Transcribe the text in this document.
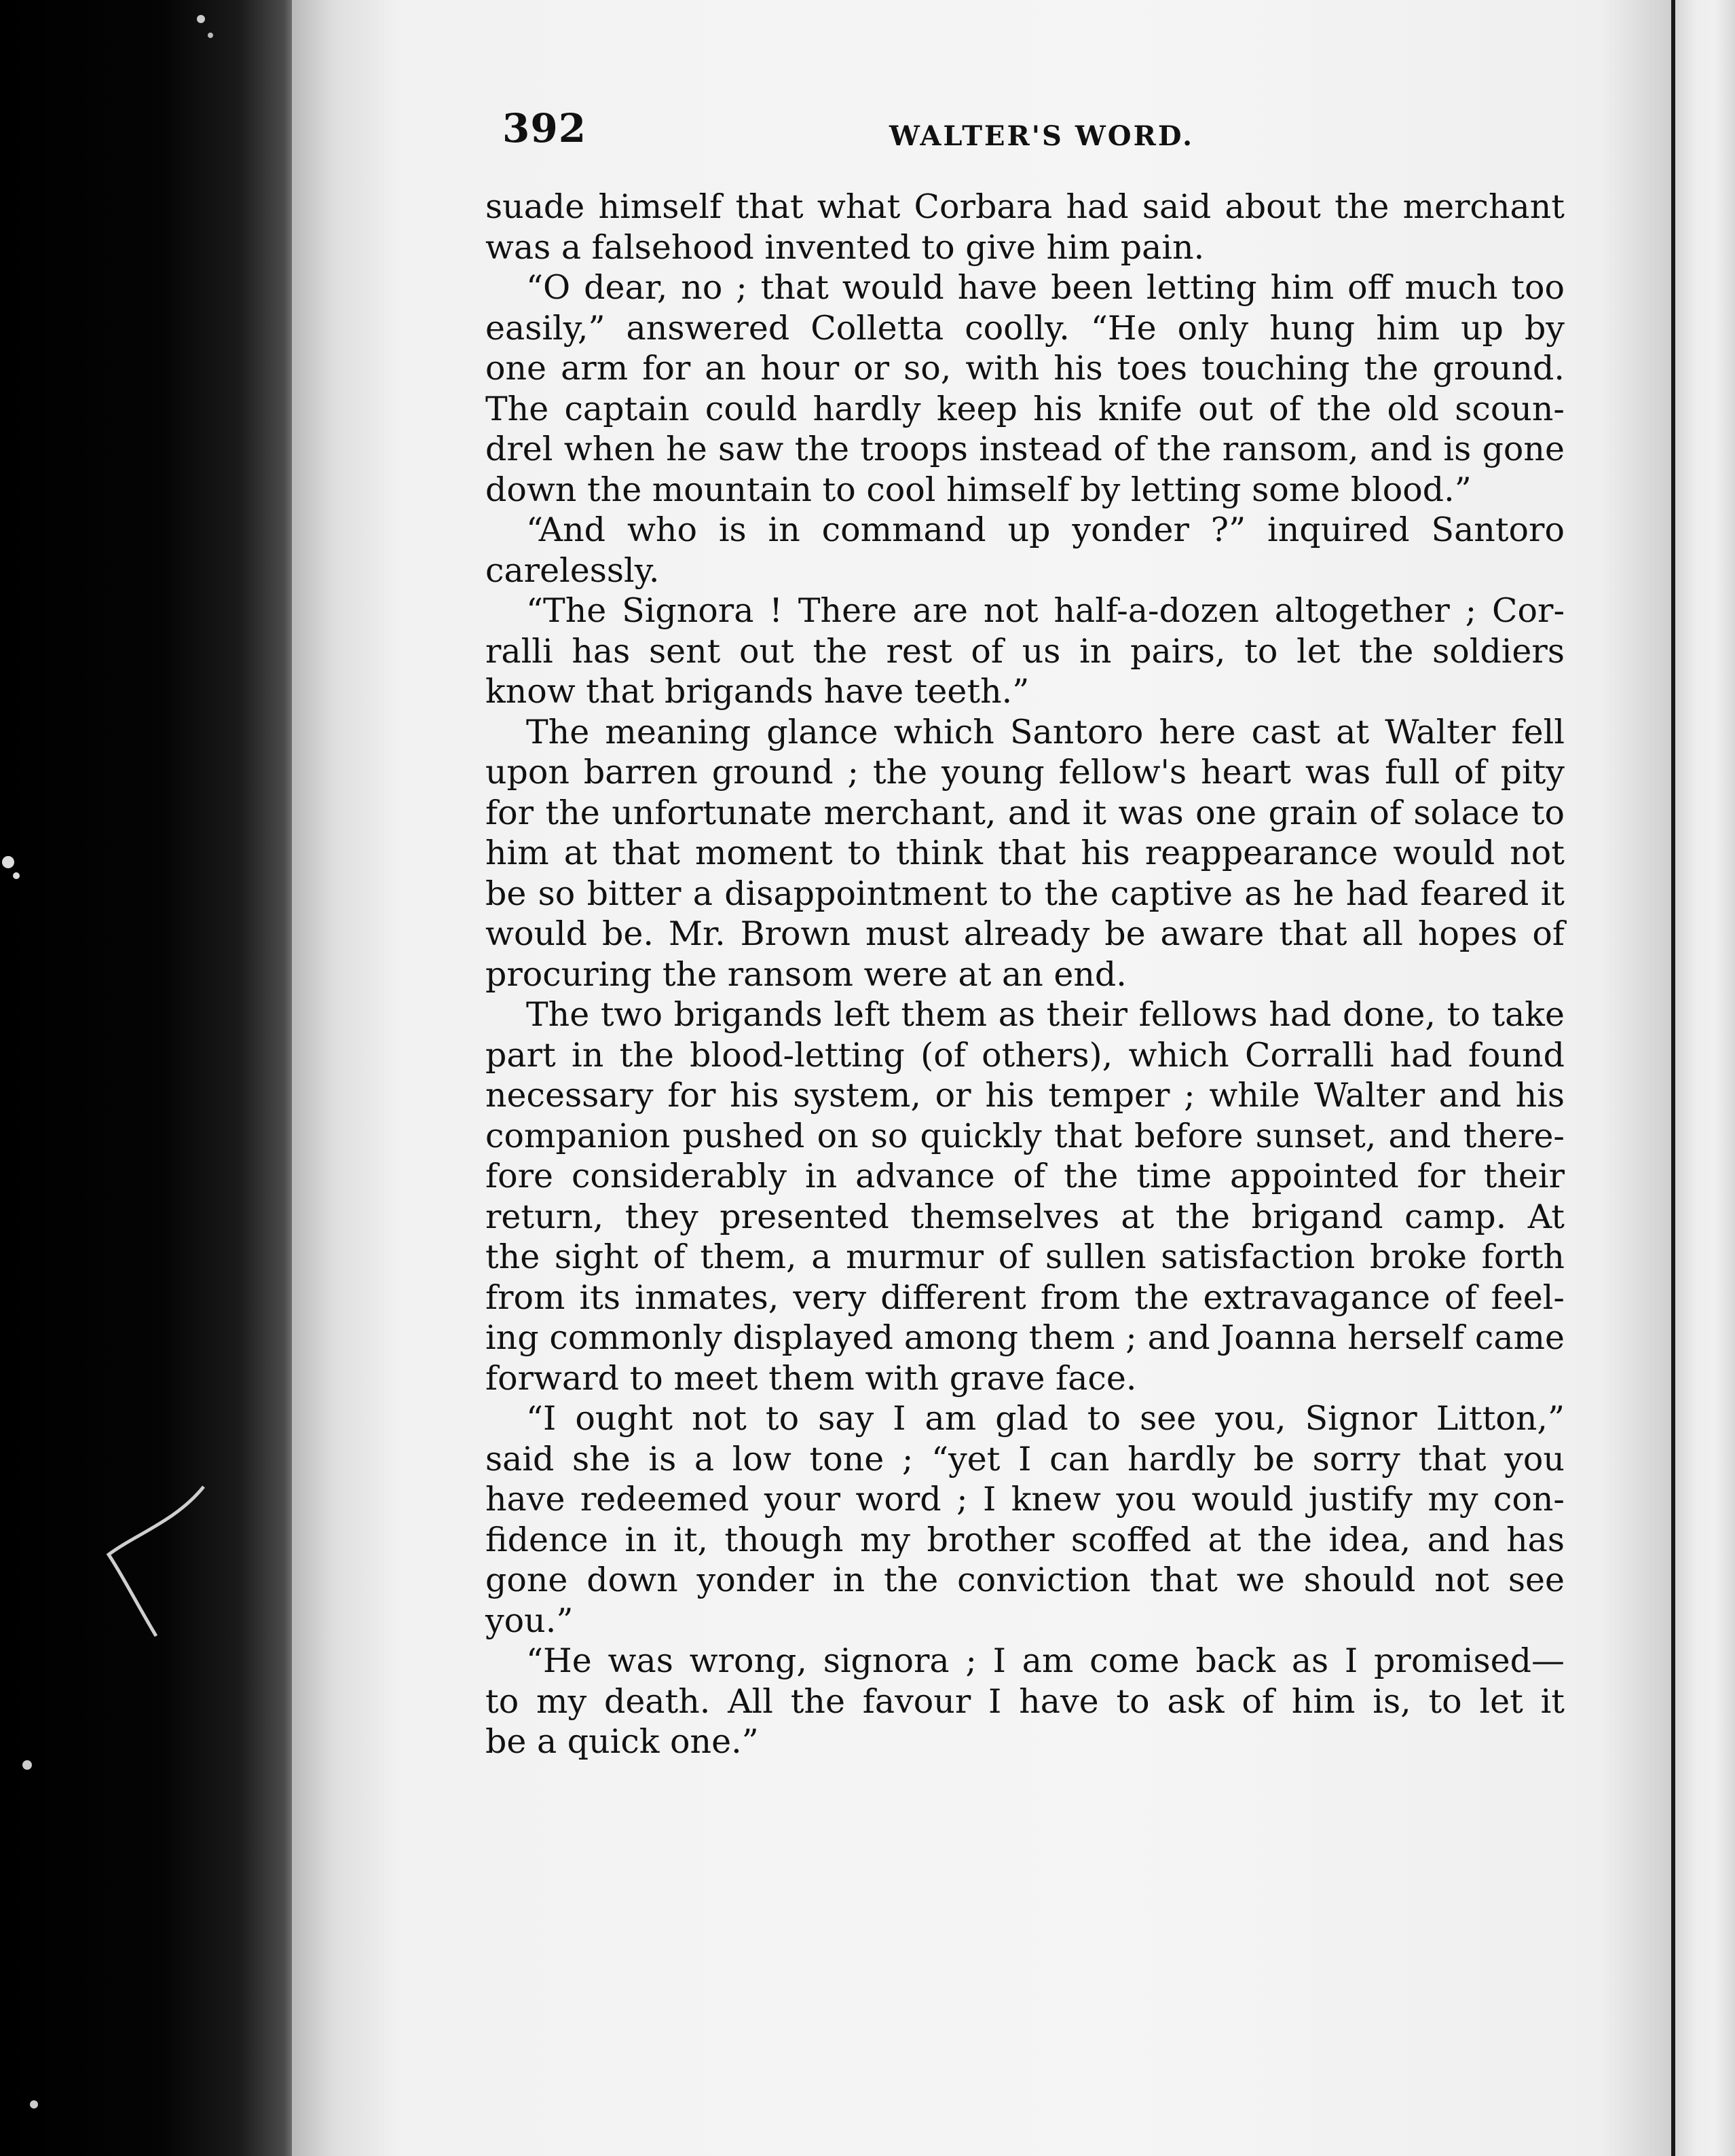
392	WALTER'S WORD.
suade himself that what Corbara had said about the merchant
was a falsehood invented to give him pain.
“O dear, no ; that would have been letting him off much too
easily,” answered Colletta coolly. “He only hung him up by
one arm for an hour or so, with his toes touching the ground.
The captain could hardly keep his knife out of the old scoun-
drel when he saw the troops instead of the ransom, and is gone
down the mountain to cool himself by letting some blood.”
“And who is in command up yonder ?” inquired Santoro
carelessly.
“The Signora ! There are not half-a-dozen altogether ; Cor-
ralli has sent out the rest of us in pairs, to let the soldiers
know that brigands have teeth.”
The meaning glance which Santoro here cast at Walter fell
upon barren ground ; the young fellow's heart was full of pity
for the unfortunate merchant, and it was one grain of solace to
him at that moment to think that his reappearance would not
be so bitter a disappointment to the captive as he had feared it
would be. Mr. Brown must already be aware that all hopes of
procuring the ransom were at an end.
The two brigands left them as their fellows had done, to take
part in the blood-letting (of others), which Corralli had found
necessary for his system, or his temper ; while Walter and his
companion pushed on so quickly that before sunset, and there-
fore considerably in advance of the time appointed for their
return, they presented themselves at the brigand camp. At
the sight of them, a murmur of sullen satisfaction broke forth
from its inmates, very different from the extravagance of feel-
ing commonly displayed among them ; and Joanna herself came
forward to meet them with grave face.
“I ought not to say I am glad to see you, Signor Litton,”
said she is a low tone ; “yet I can hardly be sorry that you
have redeemed your word ; I knew you would justify my con-
fidence in it, though my brother scoffed at the idea, and has
gone down yonder in the conviction that we should not see
you.”
“He was wrong, signora ; I am come back as I promised—
to my death. All the favour I have to ask of him is, to let it
be a quick one.”
